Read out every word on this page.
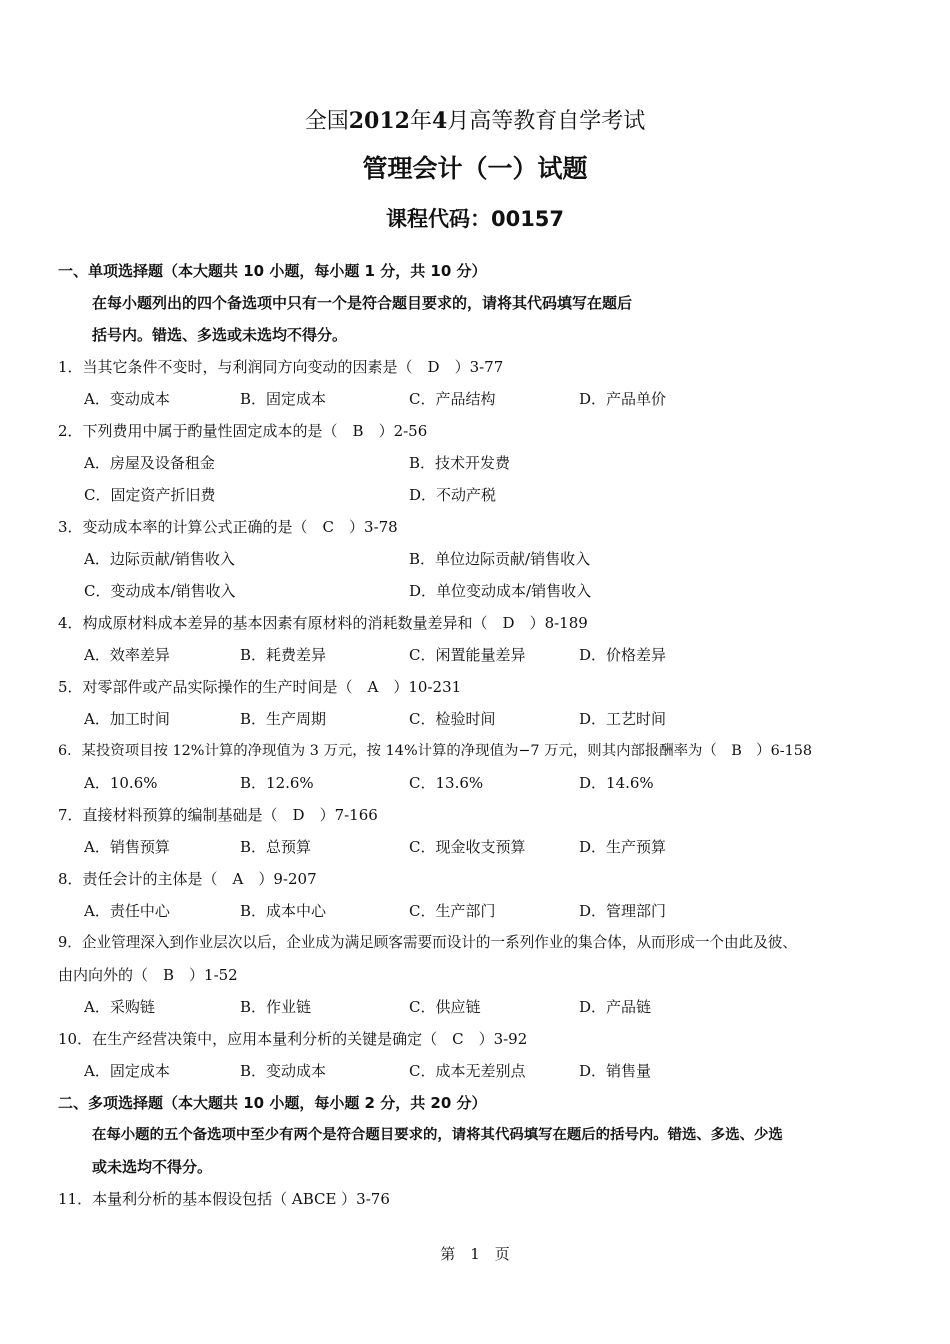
全国2012年4月高等教育自学考试
管理会计（一）试题
课程代码：00157
一、单项选择题（本大题共 10 小题，每小题 1 分，共 10 分）
在每小题列出的四个备选项中只有一个是符合题目要求的，请将其代码填写在题后
括号内。错选、多选或未选均不得分。
1．当其它条件不变时，与利润同方向变动的因素是（　D　）3-77
A．变动成本	B．固定成本	C．产品结构	D．产品单价
2．下列费用中属于酌量性固定成本的是（　B　）2-56
A．房屋及设备租金	B．技术开发费
C．固定资产折旧费	D．不动产税
3．变动成本率的计算公式正确的是（　C　）3-78
A．边际贡献/销售收入	B．单位边际贡献/销售收入
C．变动成本/销售收入	D．单位变动成本/销售收入
4．构成原材料成本差异的基本因素有原材料的消耗数量差异和（　D　）8-189
A．效率差异	B．耗费差异	C．闲置能量差异	D．价格差异
5．对零部件或产品实际操作的生产时间是（　A　）10-231
A．加工时间	B．生产周期	C．检验时间	D．工艺时间
6．某投资项目按 12%计算的净现值为 3 万元，按 14%计算的净现值为−7 万元，则其内部报酬率为（　B　）6-158
A．10.6%	B．12.6%	C．13.6%	D．14.6%
7．直接材料预算的编制基础是（　D　）7-166
A．销售预算	B．总预算	C．现金收支预算	D．生产预算
8．责任会计的主体是（　A　）9-207
A．责任中心	B．成本中心	C．生产部门	D．管理部门
9．企业管理深入到作业层次以后，企业成为满足顾客需要而设计的一系列作业的集合体，从而形成一个由此及彼、
由内向外的（　B　）1-52
A．采购链	B．作业链	C．供应链	D．产品链
10．在生产经营决策中，应用本量利分析的关键是确定（　C　）3-92
A．固定成本	B．变动成本	C．成本无差别点	D．销售量
二、多项选择题（本大题共 10 小题，每小题 2 分，共 20 分）
在每小题的五个备选项中至少有两个是符合题目要求的，请将其代码填写在题后的括号内。错选、多选、少选
或未选均不得分。
11．本量利分析的基本假设包括（ ABCE ）3-76
第　1　页
